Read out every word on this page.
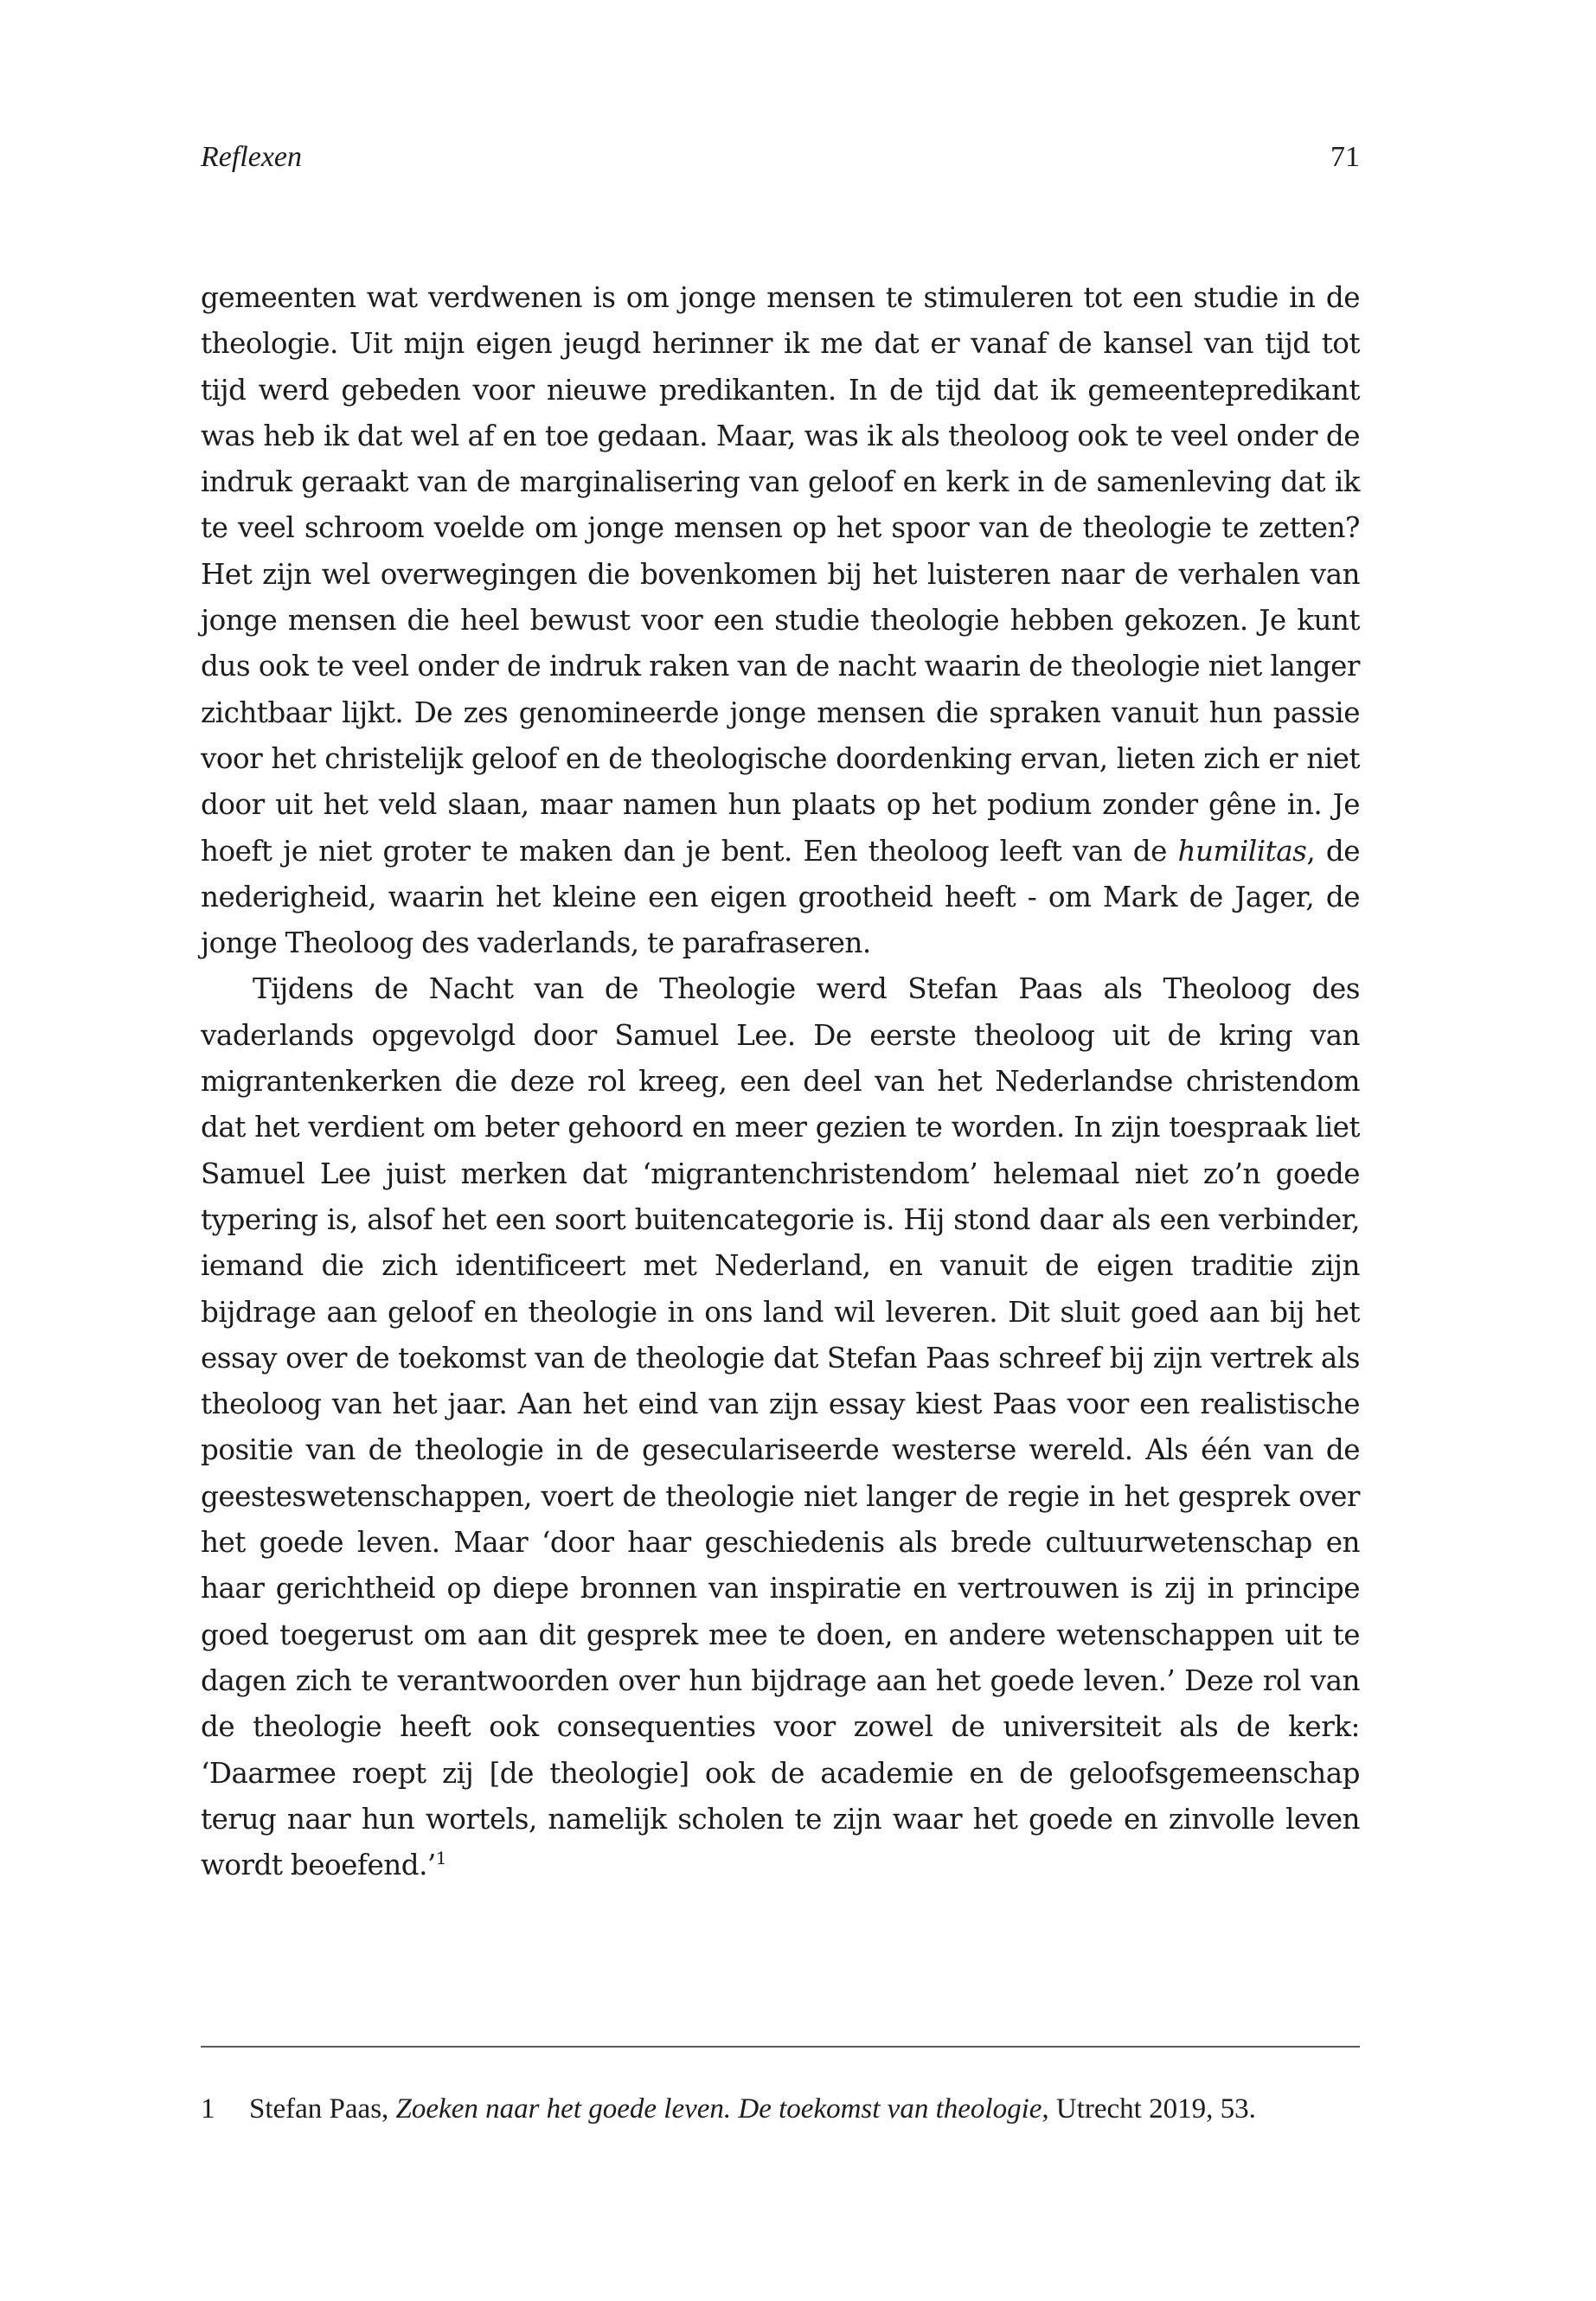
Reflexen	71

gemeenten wat verdwenen is om jonge mensen te stimuleren tot een studie in de theologie. Uit mijn eigen jeugd herinner ik me dat er vanaf de kansel van tijd tot tijd werd gebeden voor nieuwe predikanten. In de tijd dat ik gemeentepredikant was heb ik dat wel af en toe gedaan. Maar, was ik als theoloog ook te veel onder de indruk geraakt van de marginalisering van geloof en kerk in de samenleving dat ik te veel schroom voelde om jonge mensen op het spoor van de theologie te zetten? Het zijn wel overwegingen die bovenkomen bij het luisteren naar de verhalen van jonge mensen die heel bewust voor een studie theologie hebben gekozen. Je kunt dus ook te veel onder de indruk raken van de nacht waarin de theologie niet langer zichtbaar lijkt. De zes genomineerde jonge mensen die spraken vanuit hun passie voor het christelijk geloof en de theologische doordenking ervan, lieten zich er niet door uit het veld slaan, maar namen hun plaats op het podium zonder gêne in. Je hoeft je niet groter te maken dan je bent. Een theoloog leeft van de humilitas, de nederigheid, waarin het kleine een eigen grootheid heeft - om Mark de Jager, de jonge Theoloog des vaderlands, te parafraseren.

Tijdens de Nacht van de Theologie werd Stefan Paas als Theoloog des vaderlands opgevolgd door Samuel Lee. De eerste theoloog uit de kring van migrantenkerken die deze rol kreeg, een deel van het Nederlandse christendom dat het verdient om beter gehoord en meer gezien te worden. In zijn toespraak liet Samuel Lee juist merken dat ‘migrantenchristendom’ helemaal niet zo’n goede typering is, alsof het een soort buitencategorie is. Hij stond daar als een verbinder, iemand die zich identificeert met Nederland, en vanuit de eigen traditie zijn bijdrage aan geloof en theologie in ons land wil leveren. Dit sluit goed aan bij het essay over de toekomst van de theologie dat Stefan Paas schreef bij zijn vertrek als theoloog van het jaar. Aan het eind van zijn essay kiest Paas voor een realistische positie van de theologie in de geseculariseerde westerse wereld. Als één van de geesteswetenschappen, voert de theologie niet langer de regie in het gesprek over het goede leven. Maar ‘door haar geschiedenis als brede cultuurwetenschap en haar gerichtheid op diepe bronnen van inspiratie en vertrouwen is zij in principe goed toegerust om aan dit gesprek mee te doen, en andere wetenschappen uit te dagen zich te verantwoorden over hun bijdrage aan het goede leven.’ Deze rol van de theologie heeft ook consequenties voor zowel de universiteit als de kerk: ‘Daarmee roept zij [de theologie] ook de academie en de geloofsgemeenschap terug naar hun wortels, namelijk scholen te zijn waar het goede en zinvolle leven wordt beoefend.’$^1$

1	Stefan Paas, Zoeken naar het goede leven. De toekomst van theologie, Utrecht 2019, 53.
